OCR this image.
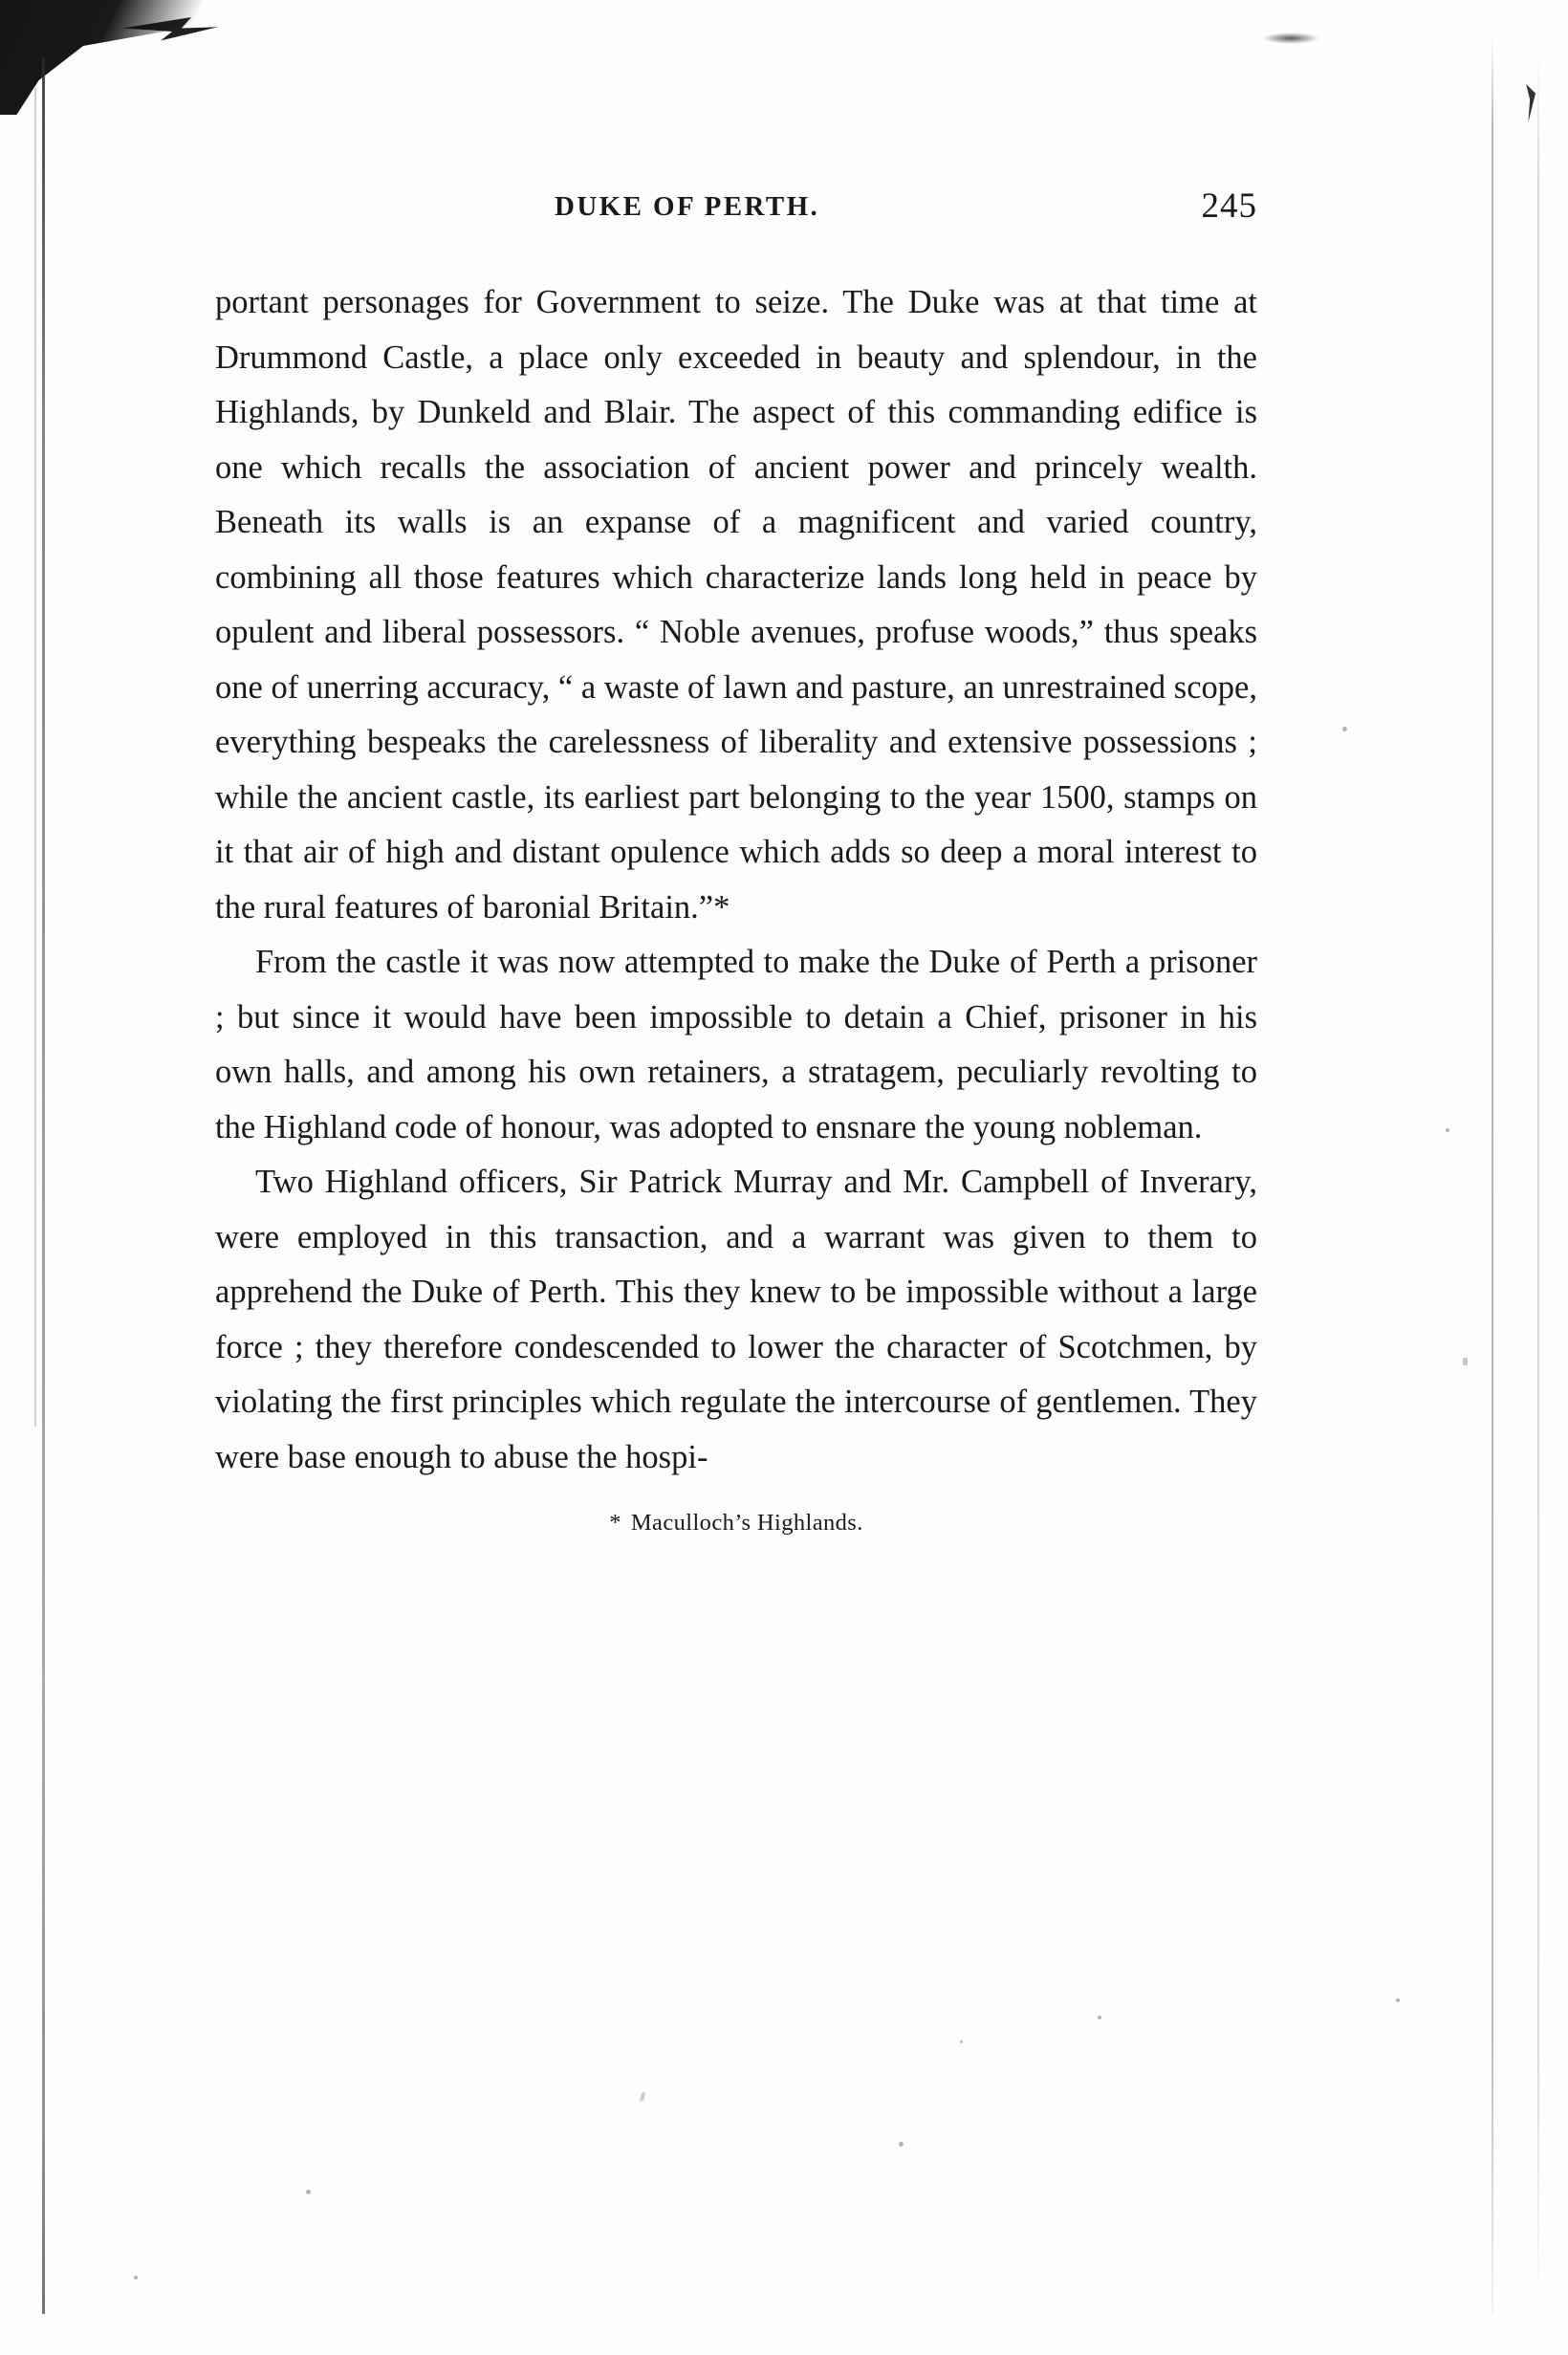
DUKE OF PERTH.	245

portant personages for Government to seize. The Duke was at that time at Drummond Castle, a place only exceeded in beauty and splendour, in the Highlands, by Dunkeld and Blair. The aspect of this commanding edifice is one which recalls the association of ancient power and princely wealth. Beneath its walls is an expanse of a magnificent and varied country, combining all those features which characterize lands long held in peace by opulent and liberal possessors. “ Noble avenues, profuse woods,” thus speaks one of unerring accuracy, “ a waste of lawn and pasture, an unrestrained scope, everything bespeaks the carelessness of liberality and extensive possessions ; while the ancient castle, its earliest part belonging to the year 1500, stamps on it that air of high and distant opulence which adds so deep a moral interest to the rural features of baronial Britain.”*

From the castle it was now attempted to make the Duke of Perth a prisoner ; but since it would have been impossible to detain a Chief, prisoner in his own halls, and among his own retainers, a stratagem, peculiarly revolting to the Highland code of honour, was adopted to ensnare the young nobleman.

Two Highland officers, Sir Patrick Murray and Mr. Campbell of Inverary, were employed in this transaction, and a warrant was given to them to apprehend the Duke of Perth. This they knew to be impossible without a large force ; they therefore condescended to lower the character of Scotchmen, by violating the first principles which regulate the intercourse of gentlemen. They were base enough to abuse the hospi-

* Maculloch’s Highlands.
